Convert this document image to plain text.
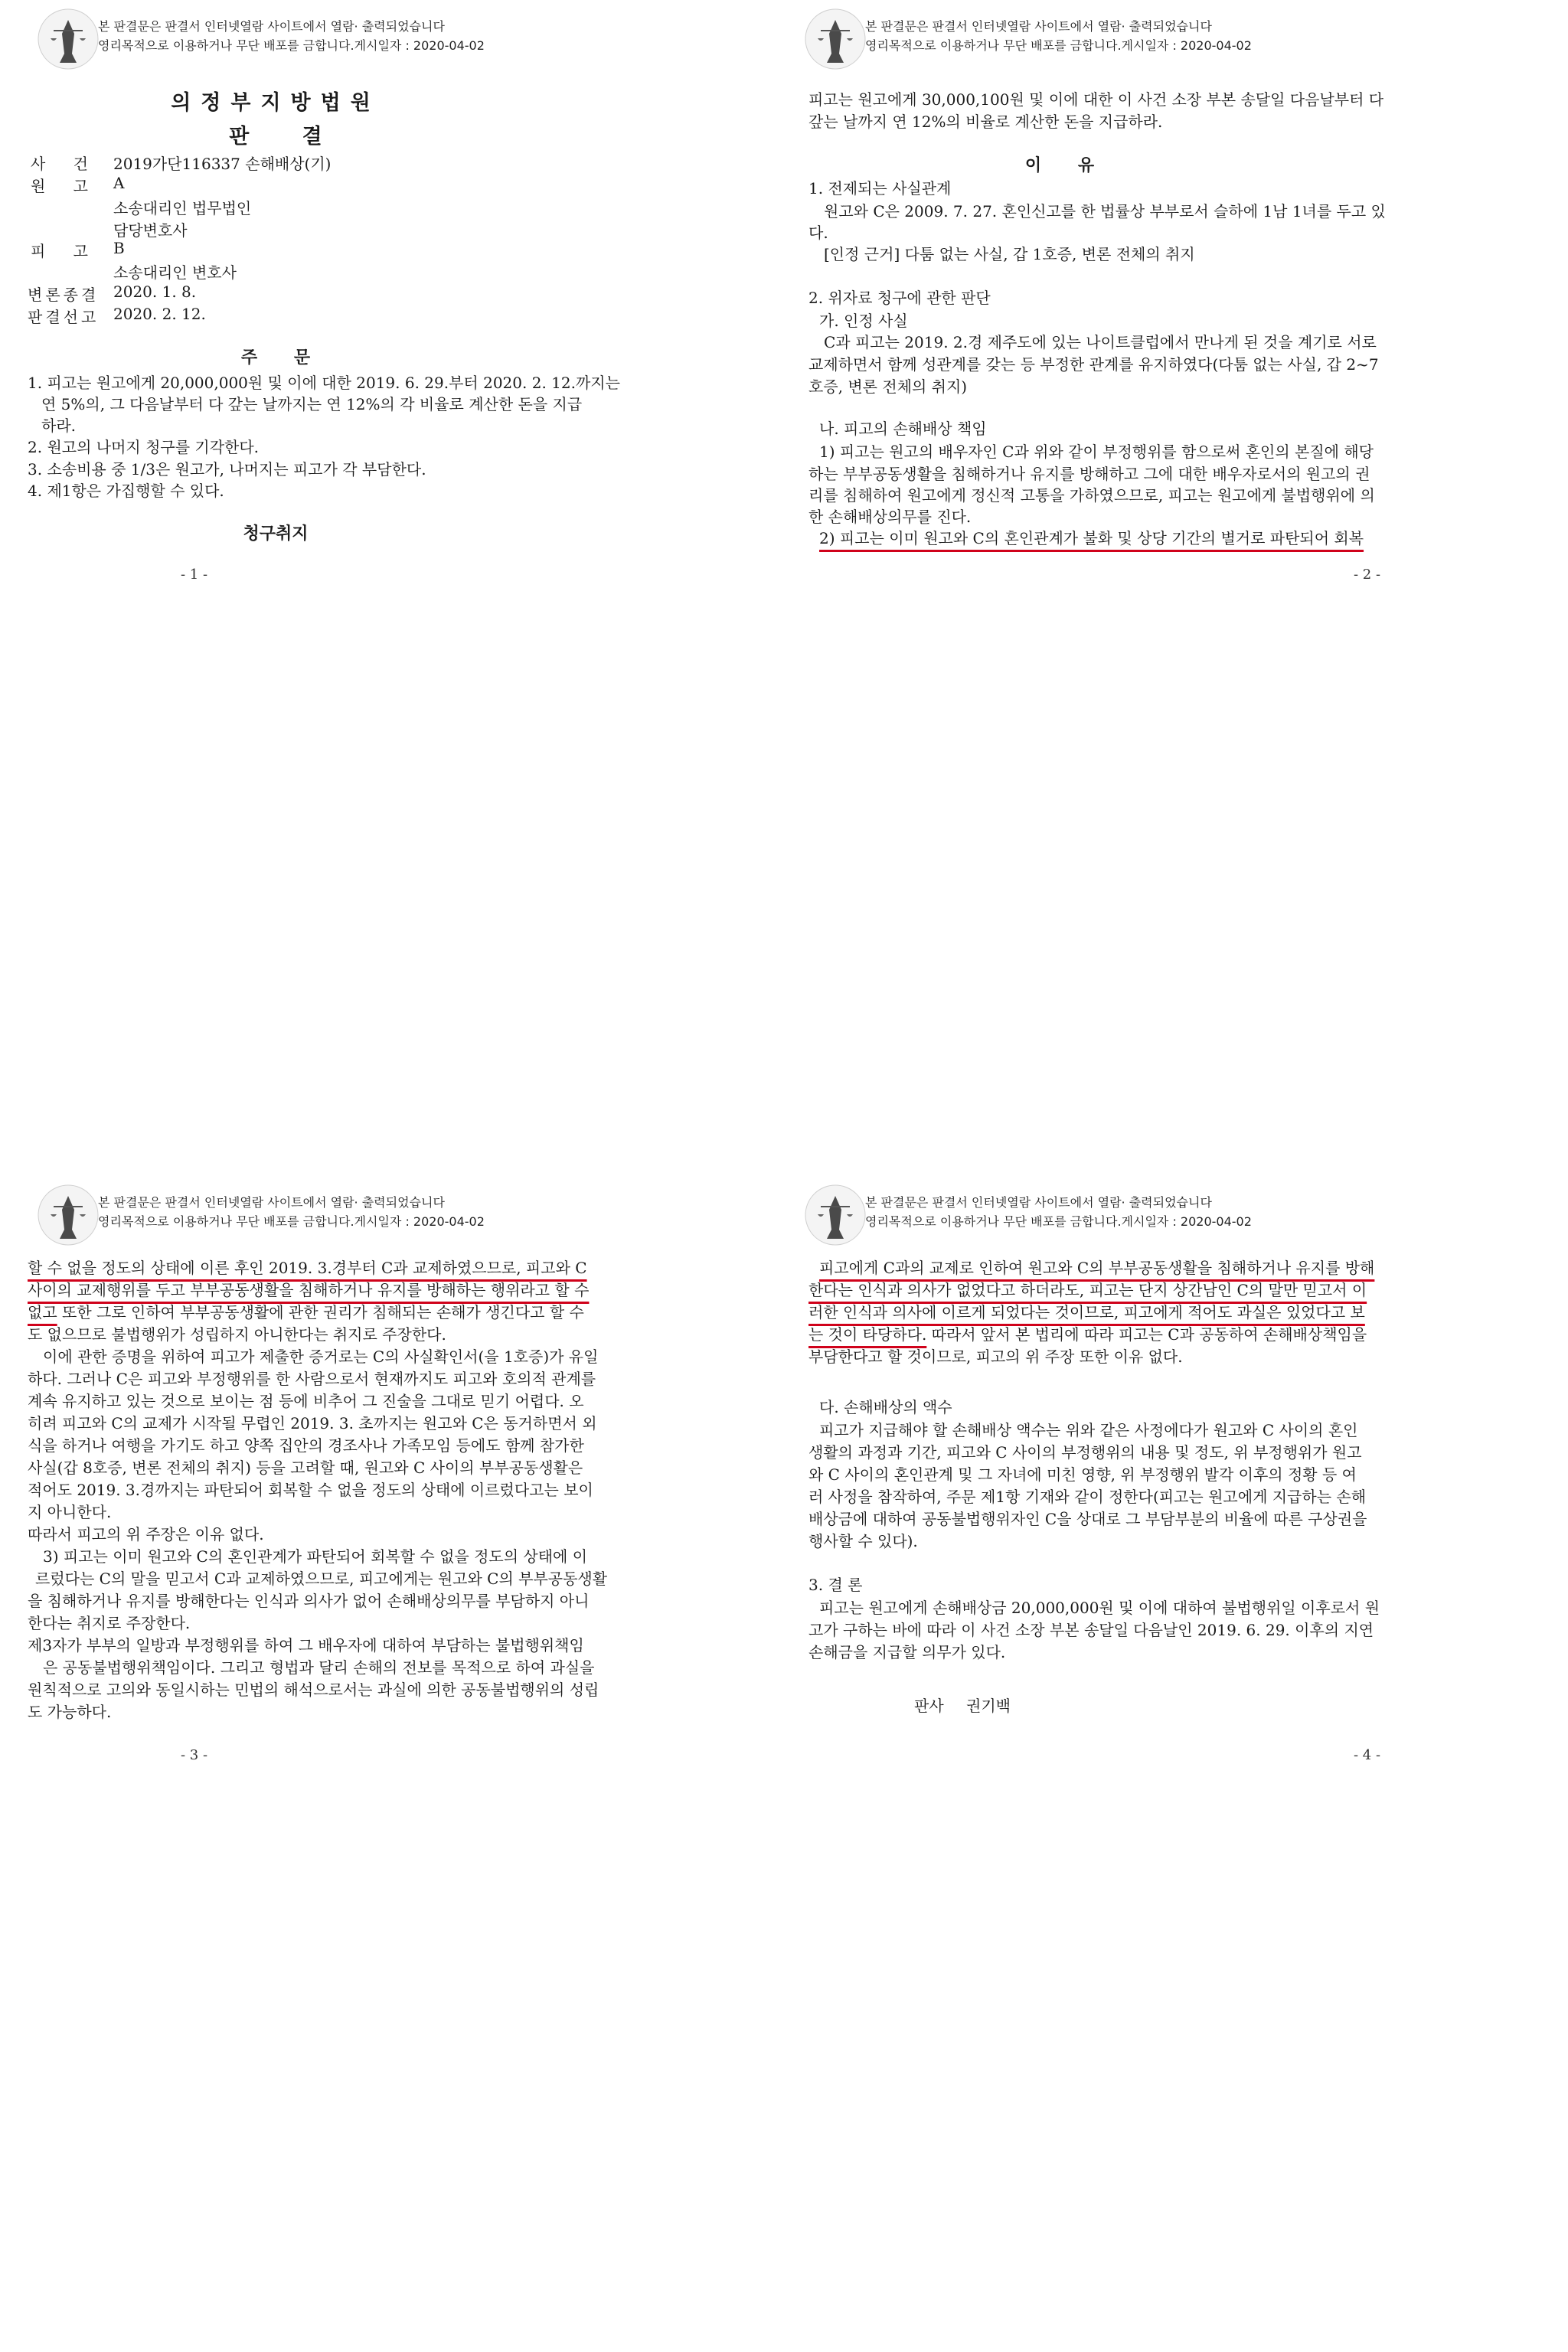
본 판결문은 판결서 인터넷열람 사이트에서 열람· 출력되었습니다
영리목적으로 이용하거나 무단 배포를 금합니다.게시일자 : 2020-04-02
의정부지방법원
판 결
사 건 2019가단116337 손해배상(기)
원 고 A
소송대리인 법무법인
담당변호사
피 고 B
소송대리인 변호사
변론종결 2020. 1. 8.
판결선고 2020. 2. 12.
주 문
1. 피고는 원고에게 20,000,000원 및 이에 대한 2019. 6. 29.부터 2020. 2. 12.까지는
연 5%의, 그 다음날부터 다 갚는 날까지는 연 12%의 각 비율로 계산한 돈을 지급
하라.
2. 원고의 나머지 청구를 기각한다.
3. 소송비용 중 1/3은 원고가, 나머지는 피고가 각 부담한다.
4. 제1항은 가집행할 수 있다.
청구취지
- 1 -
본 판결문은 판결서 인터넷열람 사이트에서 열람· 출력되었습니다
영리목적으로 이용하거나 무단 배포를 금합니다.게시일자 : 2020-04-02
피고는 원고에게 30,000,100원 및 이에 대한 이 사건 소장 부본 송달일 다음날부터 다
갚는 날까지 연 12%의 비율로 계산한 돈을 지급하라.
이 유
1. 전제되는 사실관계
원고와 C은 2009. 7. 27. 혼인신고를 한 법률상 부부로서 슬하에 1남 1녀를 두고 있
다.
[인정 근거] 다툼 없는 사실, 갑 1호증, 변론 전체의 취지
2. 위자료 청구에 관한 판단
가. 인정 사실
C과 피고는 2019. 2.경 제주도에 있는 나이트클럽에서 만나게 된 것을 계기로 서로
교제하면서 함께 성관계를 갖는 등 부정한 관계를 유지하였다(다툼 없는 사실, 갑 2~7
호증, 변론 전체의 취지)
나. 피고의 손해배상 책임
1) 피고는 원고의 배우자인 C과 위와 같이 부정행위를 함으로써 혼인의 본질에 해당
하는 부부공동생활을 침해하거나 유지를 방해하고 그에 대한 배우자로서의 원고의 권
리를 침해하여 원고에게 정신적 고통을 가하였으므로, 피고는 원고에게 불법행위에 의
한 손해배상의무를 진다.
2) 피고는 이미 원고와 C의 혼인관계가 불화 및 상당 기간의 별거로 파탄되어 회복
- 2 -
본 판결문은 판결서 인터넷열람 사이트에서 열람· 출력되었습니다
영리목적으로 이용하거나 무단 배포를 금합니다.게시일자 : 2020-04-02
할 수 없을 정도의 상태에 이른 후인 2019. 3.경부터 C과 교제하였으므로, 피고와 C
사이의 교제행위를 두고 부부공동생활을 침해하거나 유지를 방해하는 행위라고 할 수
없고 또한 그로 인하여 부부공동생활에 관한 권리가 침해되는 손해가 생긴다고 할 수
도 없으므로 불법행위가 성립하지 아니한다는 취지로 주장한다.
이에 관한 증명을 위하여 피고가 제출한 증거로는 C의 사실확인서(을 1호증)가 유일
하다. 그러나 C은 피고와 부정행위를 한 사람으로서 현재까지도 피고와 호의적 관계를
계속 유지하고 있는 것으로 보이는 점 등에 비추어 그 진술을 그대로 믿기 어렵다. 오
히려 피고와 C의 교제가 시작될 무렵인 2019. 3. 초까지는 원고와 C은 동거하면서 외
식을 하거나 여행을 가기도 하고 양쪽 집안의 경조사나 가족모임 등에도 함께 참가한
사실(갑 8호증, 변론 전체의 취지) 등을 고려할 때, 원고와 C 사이의 부부공동생활은
적어도 2019. 3.경까지는 파탄되어 회복할 수 없을 정도의 상태에 이르렀다고는 보이
지 아니한다.
따라서 피고의 위 주장은 이유 없다.
3) 피고는 이미 원고와 C의 혼인관계가 파탄되어 회복할 수 없을 정도의 상태에 이
르렀다는 C의 말을 믿고서 C과 교제하였으므로, 피고에게는 원고와 C의 부부공동생활
을 침해하거나 유지를 방해한다는 인식과 의사가 없어 손해배상의무를 부담하지 아니
한다는 취지로 주장한다.
제3자가 부부의 일방과 부정행위를 하여 그 배우자에 대하여 부담하는 불법행위책임
은 공동불법행위책임이다. 그리고 형법과 달리 손해의 전보를 목적으로 하여 과실을
원칙적으로 고의와 동일시하는 민법의 해석으로서는 과실에 의한 공동불법행위의 성립
도 가능하다.
- 3 -
본 판결문은 판결서 인터넷열람 사이트에서 열람· 출력되었습니다
영리목적으로 이용하거나 무단 배포를 금합니다.게시일자 : 2020-04-02
피고에게 C과의 교제로 인하여 원고와 C의 부부공동생활을 침해하거나 유지를 방해
한다는 인식과 의사가 없었다고 하더라도, 피고는 단지 상간남인 C의 말만 믿고서 이
러한 인식과 의사에 이르게 되었다는 것이므로, 피고에게 적어도 과실은 있었다고 보
는 것이 타당하다. 따라서 앞서 본 법리에 따라 피고는 C과 공동하여 손해배상책임을
부담한다고 할 것이므로, 피고의 위 주장 또한 이유 없다.
다. 손해배상의 액수
피고가 지급해야 할 손해배상 액수는 위와 같은 사정에다가 원고와 C 사이의 혼인
생활의 과정과 기간, 피고와 C 사이의 부정행위의 내용 및 정도, 위 부정행위가 원고
와 C 사이의 혼인관계 및 그 자녀에 미친 영향, 위 부정행위 발각 이후의 정황 등 여
러 사정을 참작하여, 주문 제1항 기재와 같이 정한다(피고는 원고에게 지급하는 손해
배상금에 대하여 공동불법행위자인 C을 상대로 그 부담부분의 비율에 따른 구상권을
행사할 수 있다).
3. 결 론
피고는 원고에게 손해배상금 20,000,000원 및 이에 대하여 불법행위일 이후로서 원
고가 구하는 바에 따라 이 사건 소장 부본 송달일 다음날인 2019. 6. 29. 이후의 지연
손해금을 지급할 의무가 있다.
판사 권기백
- 4 -
